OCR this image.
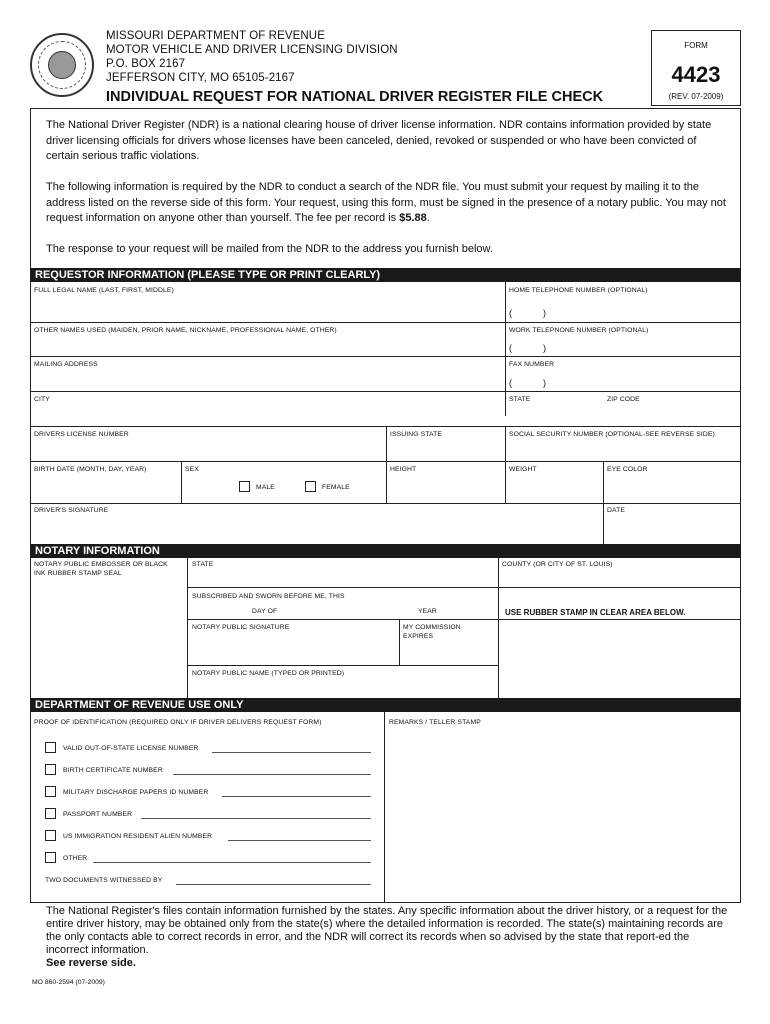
MISSOURI DEPARTMENT OF REVENUE
MOTOR VEHICLE AND DRIVER LICENSING DIVISION
P.O. BOX 2167
JEFFERSON CITY, MO 65105-2167
INDIVIDUAL REQUEST FOR NATIONAL DRIVER REGISTER FILE CHECK
FORM
4423
(REV. 07-2009)
The National Driver Register (NDR) is a national clearing house of driver license information. NDR contains information provided by state driver licensing officials for drivers whose licenses have been canceled, denied, revoked or suspended or who have been convicted of certain serious traffic violations.
The following information is required by the NDR to conduct a search of the NDR file. You must submit your request by mailing it to the address listed on the reverse side of this form. Your request, using this form, must be signed in the presence of a notary public. You may not request information on anyone other than yourself. The fee per record is $5.88.
The response to your request will be mailed from the NDR to the address you furnish below.
REQUESTOR INFORMATION (PLEASE TYPE OR PRINT CLEARLY)
FULL LEGAL NAME (LAST, FIRST, MIDDLE)	HOME TELEPHONE NUMBER (OPTIONAL)
(	)
OTHER NAMES USED (MAIDEN, PRIOR NAME, NICKNAME, PROFESSIONAL NAME, OTHER)	WORK TELEPNONE NUMBER (OPTIONAL)
(	)
MAILING ADDRESS	FAX NUMBER
(	)
CITY	STATE	ZIP CODE
DRIVERS LICENSE NUMBER	ISSUING STATE	SOCIAL SECURITY NUMBER (OPTIONAL-SEE REVERSE SIDE)
BIRTH DATE (MONTH, DAY, YEAR)	SEX	HEIGHT	WEIGHT	EYE COLOR
MALE	FEMALE
DRIVER'S SIGNATURE	DATE
NOTARY INFORMATION
NOTARY PUBLIC EMBOSSER OR BLACK INK RUBBER STAMP SEAL
STATE	COUNTY (OR CITY OF ST. LOUIS)
SUBSCRIBED AND SWORN BEFORE ME, THIS
DAY OF	YEAR	USE RUBBER STAMP IN CLEAR AREA BELOW.
NOTARY PUBLIC SIGNATURE	MY COMMISSION EXPIRES
NOTARY PUBLIC NAME (TYPED OR PRINTED)
DEPARTMENT OF REVENUE USE ONLY
PROOF OF IDENTIFICATION (REQUIRED ONLY IF DRIVER DELIVERS REQUEST FORM)	REMARKS / TELLER STAMP
VALID OUT-OF-STATE LICENSE NUMBER
BIRTH CERTIFICATE NUMBER
MILITARY DISCHARGE PAPERS ID NUMBER
PASSPORT NUMBER
US IMMIGRATION RESIDENT ALIEN NUMBER
OTHER
TWO DOCUMENTS WITNESSED BY
The National Register's files contain information furnished by the states. Any specific information about the driver history, or a request for the entire driver history, may be obtained only from the state(s) where the detailed information is recorded. The state(s) maintaining records are the only contacts able to correct records in error, and the NDR will correct its records when so advised by the state that report-ed the incorrect information.
See reverse side.
MO 860-2594 (07-2009)
